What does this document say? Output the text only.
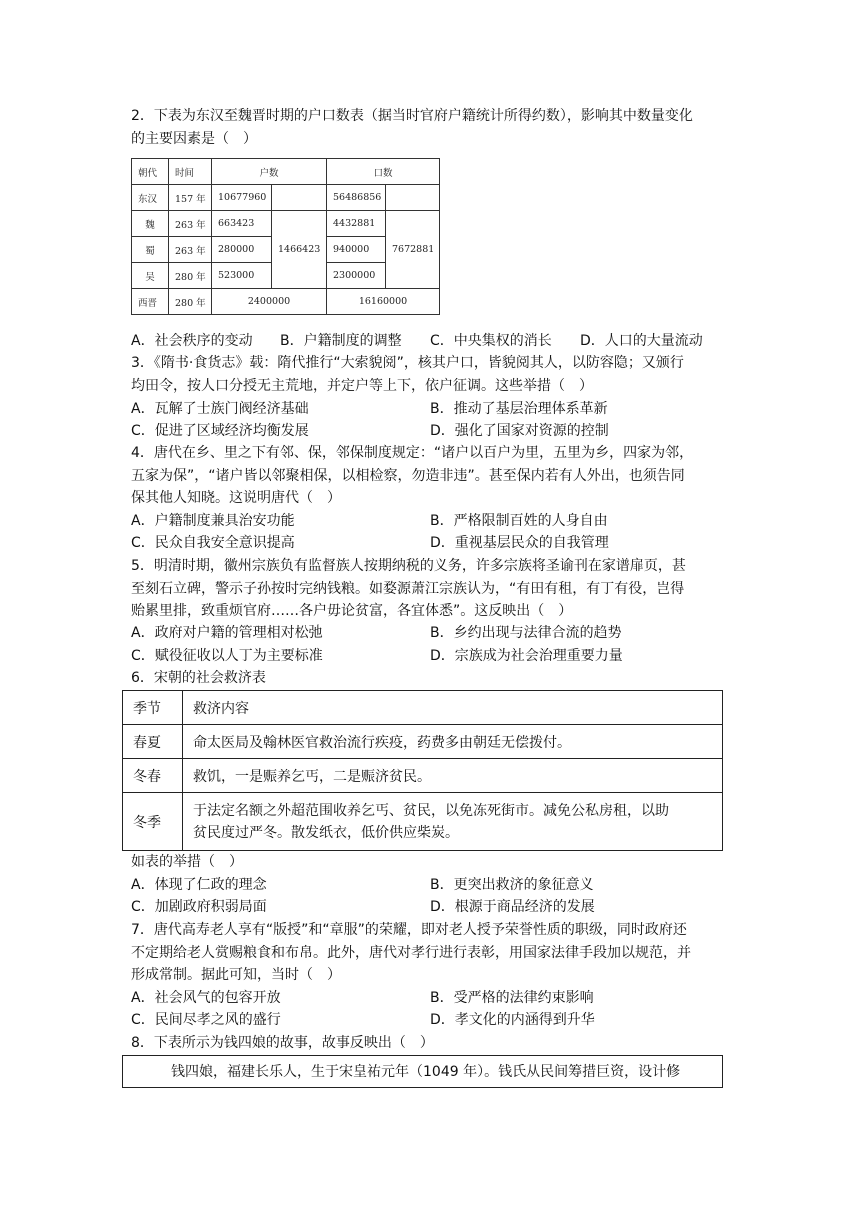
2．下表为东汉至魏晋时期的户口数表（据当时官府户籍统计所得约数），影响其中数量变化
的主要因素是（　）
朝代	时间	户数		口数	
东汉	157 年	10677960		56486856	
魏	263 年	663423	1466423	4432881	7672881
蜀	263 年	280000		940000	
吴	280 年	523000		2300000	
西晋	280 年	2400000		16160000	
A．社会秩序的变动 B．户籍制度的调整 C．中央集权的消长 D．人口的大量流动
3．《隋书·食货志》载：隋代推行“大索貌阅”，核其户口，皆貌阅其人，以防容隐；又颁行
均田令，按人口分授无主荒地，并定户等上下，依户征调。这些举措（　）
A．瓦解了士族门阀经济基础	B．推动了基层治理体系革新
C．促进了区域经济均衡发展	D．强化了国家对资源的控制
4．唐代在乡、里之下有邻、保，邻保制度规定：“诸户以百户为里，五里为乡，四家为邻，
五家为保”，“诸户皆以邻聚相保，以相检察，勿造非违”。甚至保内若有人外出，也须告同
保其他人知晓。这说明唐代（　）
A．户籍制度兼具治安功能	B．严格限制百姓的人身自由
C．民众自我安全意识提高	D．重视基层民众的自我管理
5．明清时期，徽州宗族负有监督族人按期纳税的义务，许多宗族将圣谕刊在家谱扉页，甚
至刻石立碑，警示子孙按时完纳钱粮。如婺源萧江宗族认为，“有田有租，有丁有役，岂得
贻累里排，致重烦官府……各户毋论贫富，各宜体悉”。这反映出（　）
A．政府对户籍的管理相对松弛	B．乡约出现与法律合流的趋势
C．赋役征收以人丁为主要标准	D．宗族成为社会治理重要力量
6．宋朝的社会救济表
季节	救济内容
春夏	命太医局及翰林医官救治流行疾疫，药费多由朝廷无偿拨付。
冬春	救饥，一是赈养乞丐，二是赈济贫民。
冬季	于法定名额之外超范围收养乞丐、贫民，以免冻死街市。减免公私房租，以助
贫民度过严冬。散发纸衣，低价供应柴炭。
如表的举措（　）
A．体现了仁政的理念	B．更突出救济的象征意义
C．加剧政府积弱局面	D．根源于商品经济的发展
7．唐代高寿老人享有“版授”和“章服”的荣耀，即对老人授予荣誉性质的职级，同时政府还
不定期给老人赏赐粮食和布帛。此外，唐代对孝行进行表彰，用国家法律手段加以规范，并
形成常制。据此可知，当时（　）
A．社会风气的包容开放	B．受严格的法律约束影响
C．民间尽孝之风的盛行	D．孝文化的内涵得到升华
8．下表所示为钱四娘的故事，故事反映出（　）
钱四娘，福建长乐人，生于宋皇祐元年（1049 年）。钱氏从民间筹措巨资，设计修
